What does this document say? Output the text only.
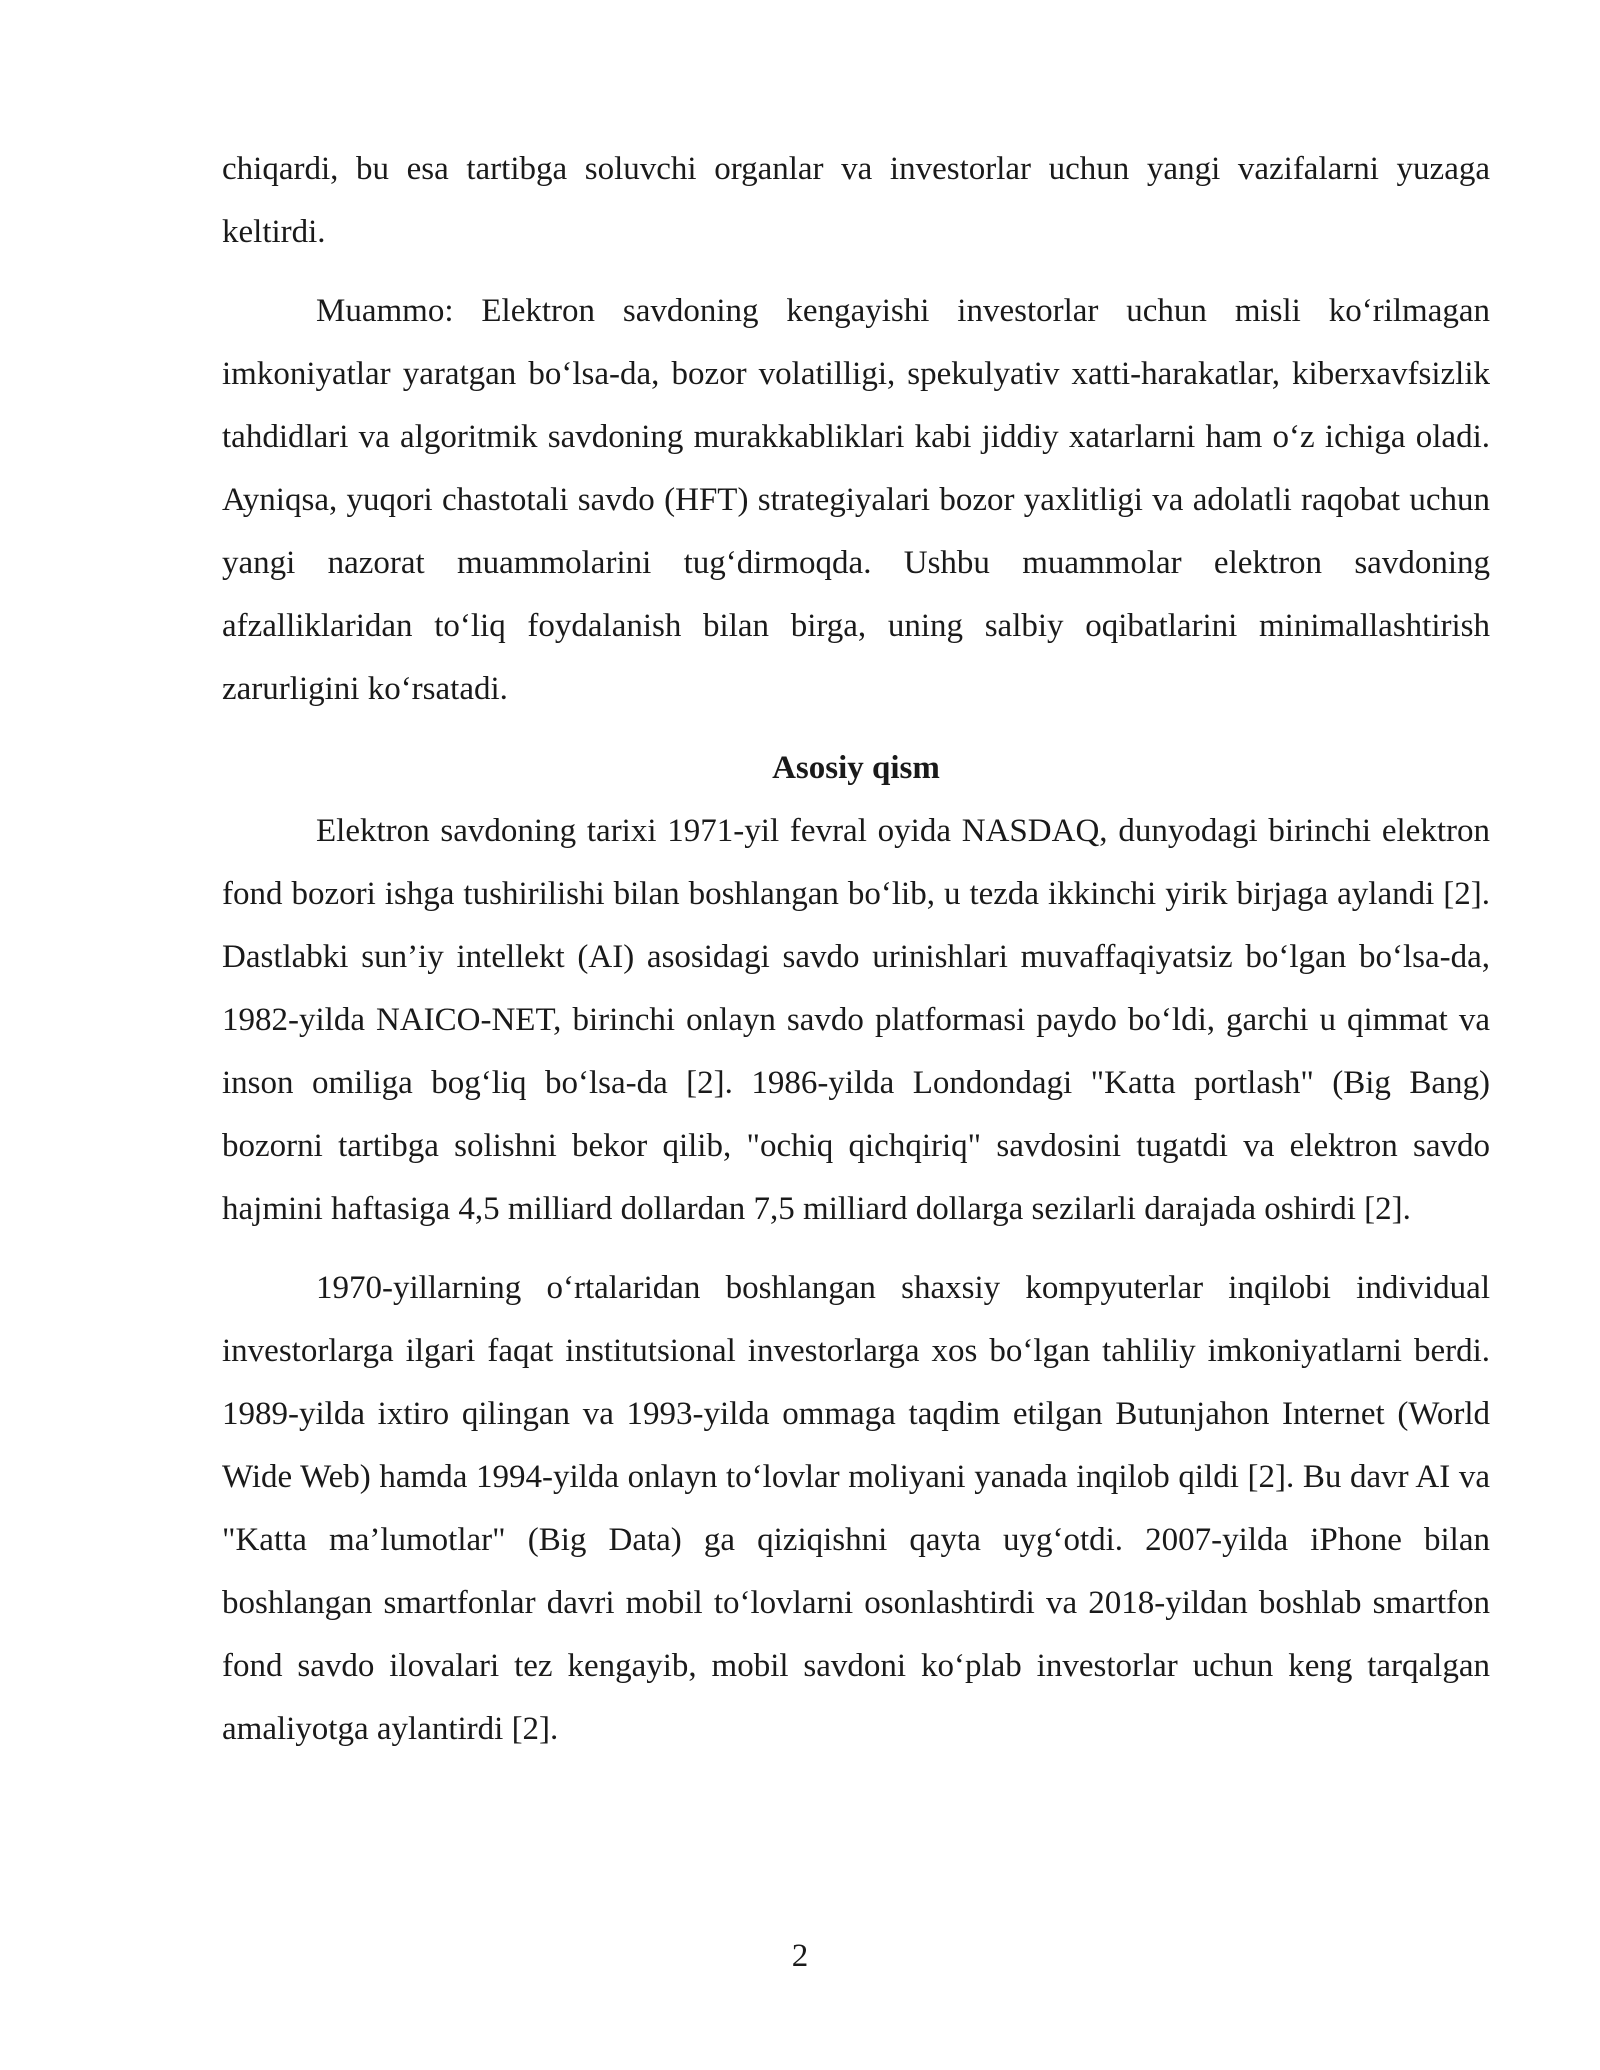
chiqardi, bu esa tartibga soluvchi organlar va investorlar uchun yangi vazifalarni yuzaga keltirdi.

Muammo: Elektron savdoning kengayishi investorlar uchun misli ko‘rilmagan imkoniyatlar yaratgan bo‘lsa-da, bozor volatilligi, spekulyativ xatti-harakatlar, kiberxavfsizlik tahdidlari va algoritmik savdoning murakkabliklari kabi jiddiy xatarlarni ham o‘z ichiga oladi. Ayniqsa, yuqori chastotali savdo (HFT) strategiyalari bozor yaxlitligi va adolatli raqobat uchun yangi nazorat muammolarini tug‘dirmoqda. Ushbu muammolar elektron savdoning afzalliklaridan to‘liq foydalanish bilan birga, uning salbiy oqibatlarini minimallashtirish zarurligini ko‘rsatadi.

Asosiy qism

Elektron savdoning tarixi 1971-yil fevral oyida NASDAQ, dunyodagi birinchi elektron fond bozori ishga tushirilishi bilan boshlangan bo‘lib, u tezda ikkinchi yirik birjaga aylandi [2]. Dastlabki sun’iy intellekt (AI) asosidagi savdo urinishlari muvaffaqiyatsiz bo‘lgan bo‘lsa-da, 1982-yilda NAICO-NET, birinchi onlayn savdo platformasi paydo bo‘ldi, garchi u qimmat va inson omiliga bog‘liq bo‘lsa-da [2]. 1986-yilda Londondagi "Katta portlash" (Big Bang) bozorni tartibga solishni bekor qilib, "ochiq qichqiriq" savdosini tugatdi va elektron savdo hajmini haftasiga 4,5 milliard dollardan 7,5 milliard dollarga sezilarli darajada oshirdi [2].

1970-yillarning o‘rtalaridan boshlangan shaxsiy kompyuterlar inqilobi individual investorlarga ilgari faqat institutsional investorlarga xos bo‘lgan tahliliy imkoniyatlarni berdi. 1989-yilda ixtiro qilingan va 1993-yilda ommaga taqdim etilgan Butunjahon Internet (World Wide Web) hamda 1994-yilda onlayn to‘lovlar moliyani yanada inqilob qildi [2]. Bu davr AI va "Katta ma’lumotlar" (Big Data) ga qiziqishni qayta uyg‘otdi. 2007-yilda iPhone bilan boshlangan smartfonlar davri mobil to‘lovlarni osonlashtirdi va 2018-yildan boshlab smartfon fond savdo ilovalari tez kengayib, mobil savdoni ko‘plab investorlar uchun keng tarqalgan amaliyotga aylantirdi [2].

2
